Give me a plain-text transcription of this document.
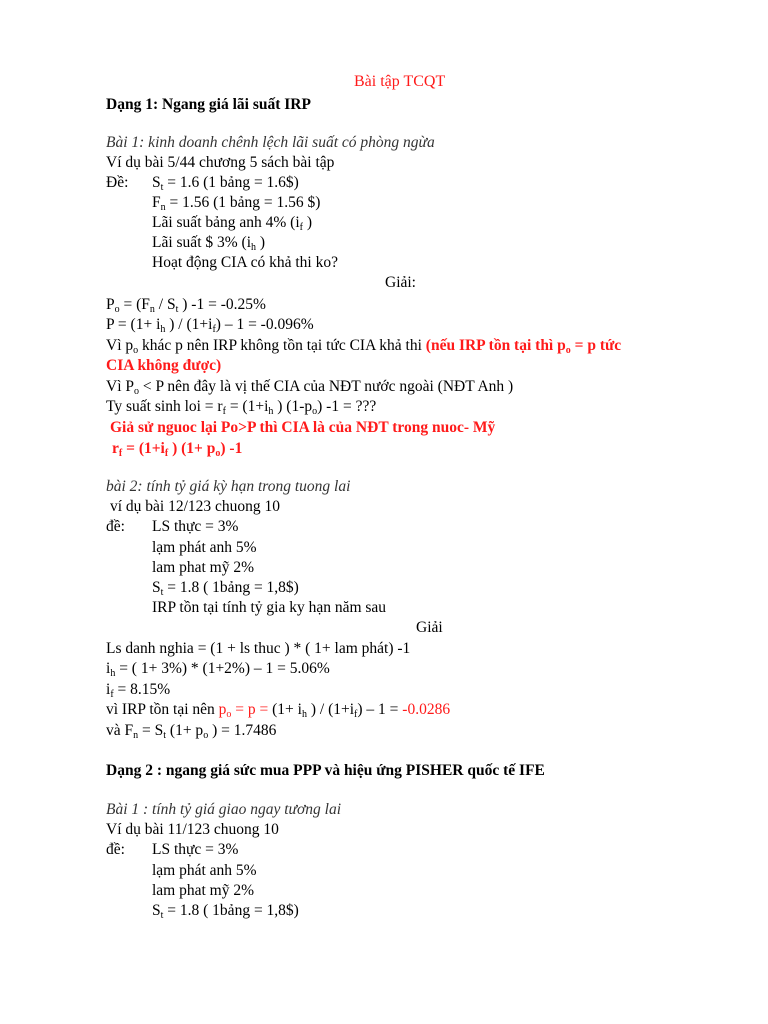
Bài tập TCQT
Dạng 1: Ngang giá lãi suất IRP
Bài 1: kinh doanh chênh lệch lãi suất có phòng ngừa
Ví dụ bài 5/44 chương 5 sách bài tập
Đề: $S_t = 1.6$ (1 bảng = 1.6$)
$F_n = 1.56$ (1 bảng = 1.56 $)
Lãi suất bảng anh 4% ($i_f$ )
Lãi suất $ 3% ($i_h$ )
Hoạt động CIA có khả thi ko?
Giải:
$P_o = (F_n / S_t$ ) -1 = -0.25%
$P = (1+ i_h$ ) / $(1+i_f) - 1 = -0.096\%$
Vì $p_o$ khác p nên IRP không tồn tại tức CIA khả thi (nếu IRP tồn tại thì $p_o = p$ tức
CIA không được)
Vì $P_o < P$ nên đây là vị thế CIA của NĐT nước ngoài (NĐT Anh )
Ty suất sinh loi = $r_f = (1+i_h$ ) $(1-p_o) -1$ = ???
Giả sử nguoc lại Po>P thì CIA là của NĐT trong nuoc- Mỹ
$r_f = (1+i_f$ ) $(1+ p_o)$ -1
bài 2: tính tỷ giá kỳ hạn trong tuong lai
ví dụ bài 12/123 chuong 10
đề: LS thực = 3%
lạm phát anh 5%
lam phat mỹ 2%
$S_t = 1.8$ ( 1bảng = 1,8$)
IRP tồn tại tính tỷ gia ky hạn năm sau
Giải
Ls danh nghia = (1 + ls thuc ) * ( 1+ lam phát) -1
$i_h$ = ( 1+ 3%) * (1+2%) – 1 = 5.06%
$i_f = 8.15\%$
vì IRP tồn tại nên $p_o = p = (1+ i_h$ ) / $(1+i_f) - 1 = -0.0286$
và $F_n = S_t$ ($1+ p_o$ ) = 1.7486
Dạng 2 : ngang giá sức mua PPP và hiệu ứng PISHER quốc tế IFE
Bài 1 : tính tỷ giá giao ngay tương lai
Ví dụ bài 11/123 chuong 10
đề: LS thực = 3%
lạm phát anh 5%
lam phat mỹ 2%
$S_t = 1.8$ ( 1bảng = 1,8$)
